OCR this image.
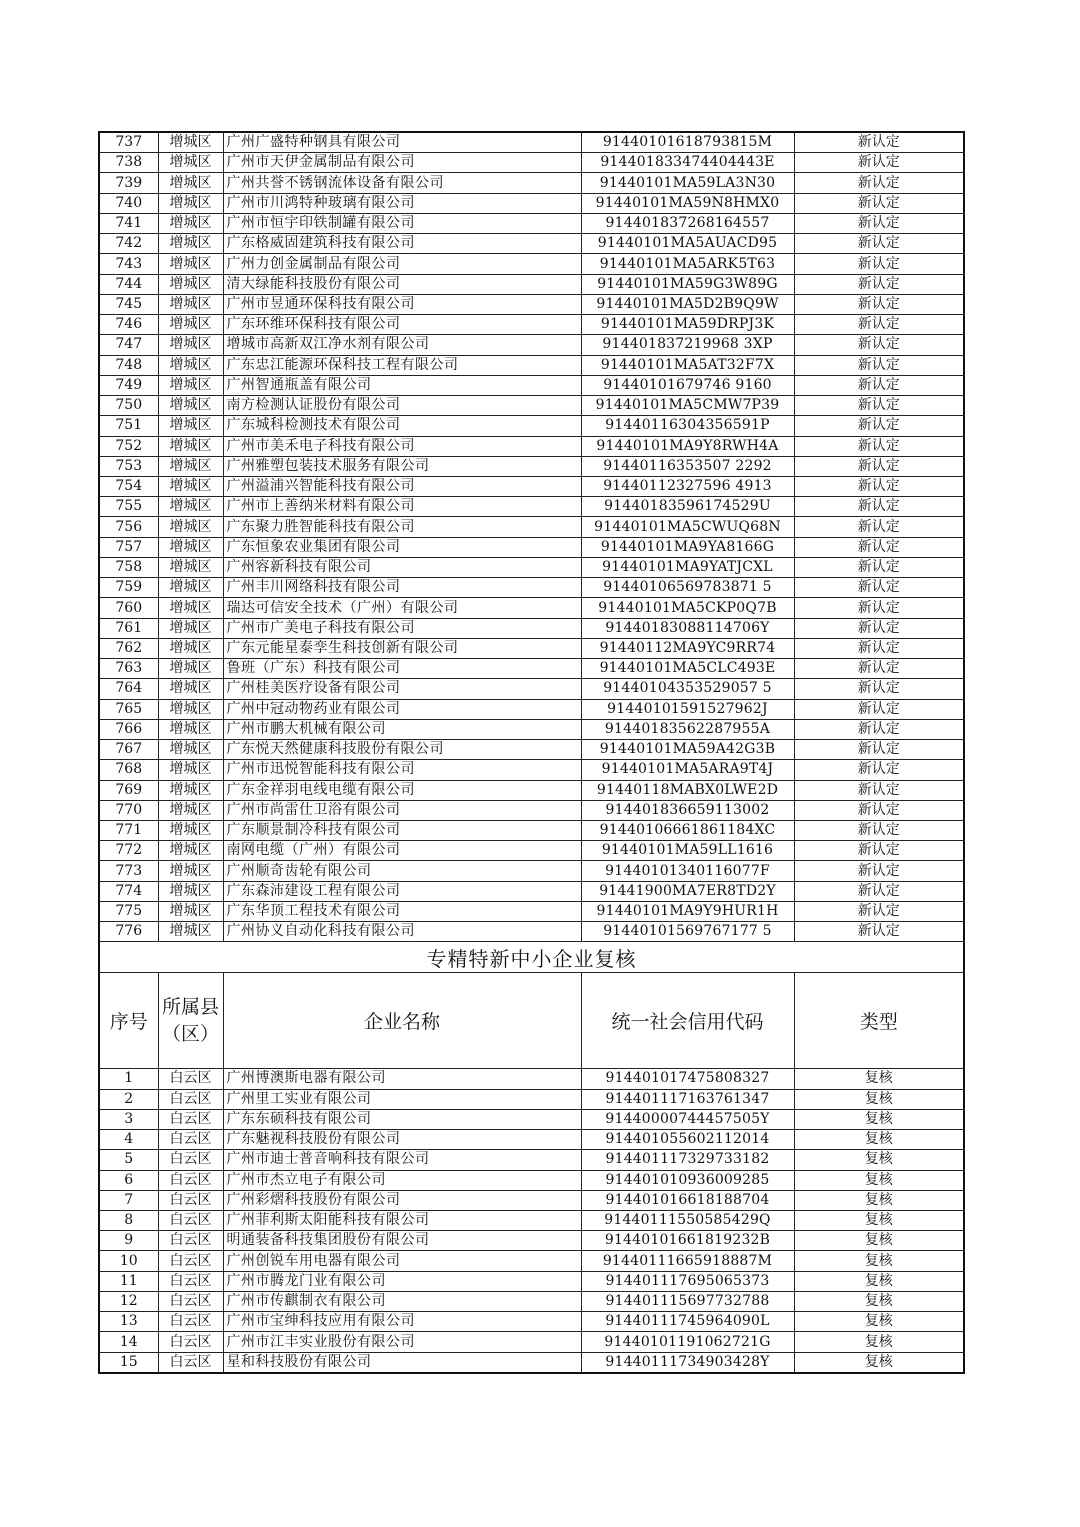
737	增城区	广州广盛特种钢具有限公司	91440101618793815M	新认定
738	增城区	广州市天伊金属制品有限公司	914401833474404443E	新认定
739	增城区	广州共誉不锈钢流体设备有限公司	91440101MA59LA3N30	新认定
740	增城区	广州市川鸿特种玻璃有限公司	91440101MA59N8HMX0	新认定
741	增城区	广州市恒宇印铁制罐有限公司	914401837268164557	新认定
742	增城区	广东格威固建筑科技有限公司	91440101MA5AUACD95	新认定
743	增城区	广州力创金属制品有限公司	91440101MA5ARK5T63	新认定
744	增城区	清大绿能科技股份有限公司	91440101MA59G3W89G	新认定
745	增城区	广州市昱通环保科技有限公司	91440101MA5D2B9Q9W	新认定
746	增城区	广东环维环保科技有限公司	91440101MA59DRPJ3K	新认定
747	增城区	增城市高新双江净水剂有限公司	914401837219968 3XP	新认定
748	增城区	广东忠江能源环保科技工程有限公司	91440101MA5AT32F7X	新认定
749	增城区	广州智通瓶盖有限公司	91440101679746 9160	新认定
750	增城区	南方检测认证股份有限公司	91440101MA5CMW7P39	新认定
751	增城区	广东城科检测技术有限公司	91440116304356591P	新认定
752	增城区	广州市美禾电子科技有限公司	91440101MA9Y8RWH4A	新认定
753	增城区	广州雅塑包装技术服务有限公司	91440116353507 2292	新认定
754	增城区	广州溢浦兴智能科技有限公司	91440112327596 4913	新认定
755	增城区	广州市上善纳米材料有限公司	91440183596174529U	新认定
756	增城区	广东聚力胜智能科技有限公司	91440101MA5CWUQ68N	新认定
757	增城区	广东恒象农业集团有限公司	91440101MA9YA8166G	新认定
758	增城区	广州容新科技有限公司	91440101MA9YATJCXL	新认定
759	增城区	广州丰川网络科技有限公司	91440106569783871 5	新认定
760	增城区	瑞达可信安全技术（广州）有限公司	91440101MA5CKP0Q7B	新认定
761	增城区	广州市广美电子科技有限公司	91440183088114706Y	新认定
762	增城区	广东元能星泰孪生科技创新有限公司	91440112MA9YC9RR74	新认定
763	增城区	鲁班（广东）科技有限公司	91440101MA5CLC493E	新认定
764	增城区	广州桂美医疗设备有限公司	91440104353529057 5	新认定
765	增城区	广州中冠动物药业有限公司	91440101591527962J	新认定
766	增城区	广州市鹏大机械有限公司	91440183562287955A	新认定
767	增城区	广东悦天然健康科技股份有限公司	91440101MA59A42G3B	新认定
768	增城区	广州市迅悦智能科技有限公司	91440101MA5ARA9T4J	新认定
769	增城区	广东金祥羽电线电缆有限公司	91440118MABX0LWE2D	新认定
770	增城区	广州市尚雷仕卫浴有限公司	914401836659113002	新认定
771	增城区	广东顺景制冷科技有限公司	91440106661861184XC	新认定
772	增城区	南网电缆（广州）有限公司	91440101MA59LL1616	新认定
773	增城区	广州顺奇齿轮有限公司	91440101340116077F	新认定
774	增城区	广东森沛建设工程有限公司	91441900MA7ER8TD2Y	新认定
775	增城区	广东华顶工程技术有限公司	91440101MA9Y9HUR1H	新认定
776	增城区	广州协义自动化科技有限公司	91440101569767177 5	新认定
专精特新中小企业复核				
序号	所属县（区）	企业名称	统一社会信用代码	类型
1	白云区	广州博澳斯电器有限公司	914401017475808327	复核
2	白云区	广州里工实业有限公司	914401117163761347	复核
3	白云区	广东东硕科技有限公司	91440000744457505Y	复核
4	白云区	广东魅视科技股份有限公司	914401055602112014	复核
5	白云区	广州市迪士普音响科技有限公司	914401117329733182	复核
6	白云区	广州市杰立电子有限公司	914401010936009285	复核
7	白云区	广州彩熠科技股份有限公司	914401016618188704	复核
8	白云区	广州菲利斯太阳能科技有限公司	91440111550585429Q	复核
9	白云区	明通装备科技集团股份有限公司	91440101661819232B	复核
10	白云区	广州创锐车用电器有限公司	91440111665918887M	复核
11	白云区	广州市腾龙门业有限公司	914401117695065373	复核
12	白云区	广州市传麒制衣有限公司	914401115697732788	复核
13	白云区	广州市宝绅科技应用有限公司	91440111745964090L	复核
14	白云区	广州市江丰实业股份有限公司	91440101191062721G	复核
15	白云区	星和科技股份有限公司	91440111734903428Y	复核
